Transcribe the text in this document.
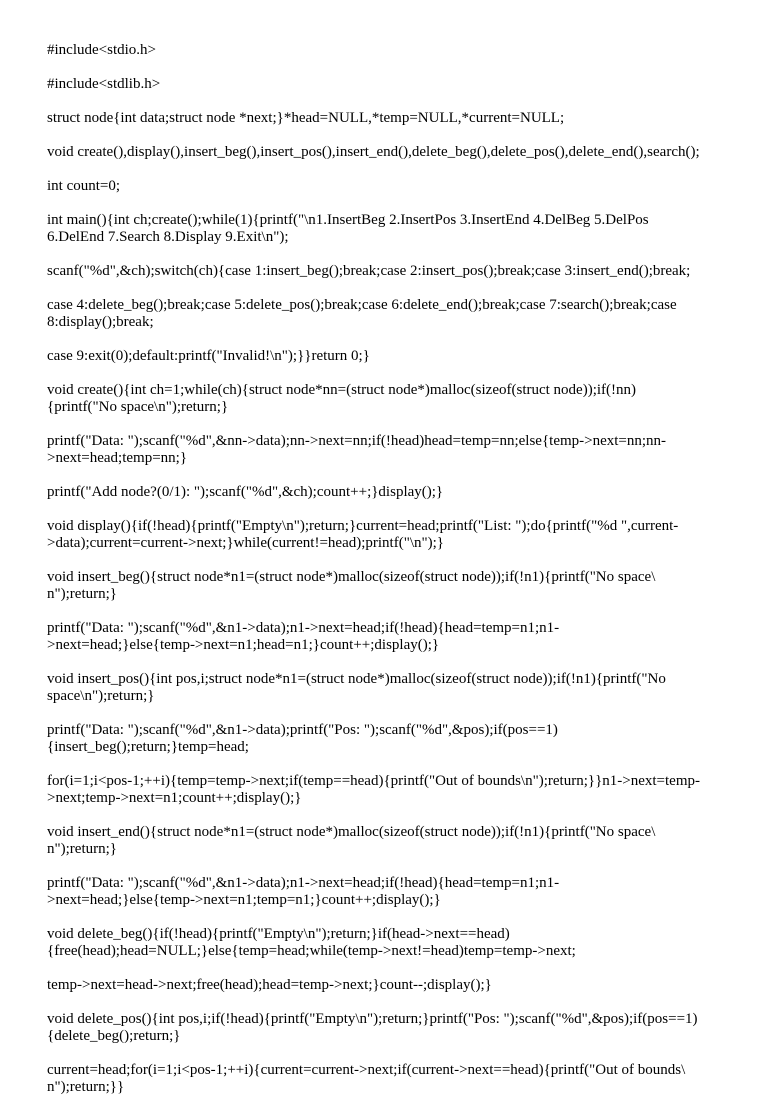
#include<stdio.h>

#include<stdlib.h>

struct node{int data;struct node *next;}*head=NULL,*temp=NULL,*current=NULL;

void create(),display(),insert_beg(),insert_pos(),insert_end(),delete_beg(),delete_pos(),delete_end(),search();

int count=0;

int main(){int ch;create();while(1){printf("\n1.InsertBeg 2.InsertPos 3.InsertEnd 4.DelBeg 5.DelPos
6.DelEnd 7.Search 8.Display 9.Exit\n");

scanf("%d",&ch);switch(ch){case 1:insert_beg();break;case 2:insert_pos();break;case 3:insert_end();break;

case 4:delete_beg();break;case 5:delete_pos();break;case 6:delete_end();break;case 7:search();break;case
8:display();break;

case 9:exit(0);default:printf("Invalid!\n");}}return 0;}

void create(){int ch=1;while(ch){struct node*nn=(struct node*)malloc(sizeof(struct node));if(!nn)
{printf("No space\n");return;}

printf("Data: ");scanf("%d",&nn->data);nn->next=nn;if(!head)head=temp=nn;else{temp->next=nn;nn-
>next=head;temp=nn;}

printf("Add node?(0/1): ");scanf("%d",&ch);count++;}display();}

void display(){if(!head){printf("Empty\n");return;}current=head;printf("List: ");do{printf("%d ",current-
>data);current=current->next;}while(current!=head);printf("\n");}

void insert_beg(){struct node*n1=(struct node*)malloc(sizeof(struct node));if(!n1){printf("No space\
n");return;}

printf("Data: ");scanf("%d",&n1->data);n1->next=head;if(!head){head=temp=n1;n1-
>next=head;}else{temp->next=n1;head=n1;}count++;display();}

void insert_pos(){int pos,i;struct node*n1=(struct node*)malloc(sizeof(struct node));if(!n1){printf("No
space\n");return;}

printf("Data: ");scanf("%d",&n1->data);printf("Pos: ");scanf("%d",&pos);if(pos==1)
{insert_beg();return;}temp=head;

for(i=1;i<pos-1;++i){temp=temp->next;if(temp==head){printf("Out of bounds\n");return;}}n1->next=temp-
>next;temp->next=n1;count++;display();}

void insert_end(){struct node*n1=(struct node*)malloc(sizeof(struct node));if(!n1){printf("No space\
n");return;}

printf("Data: ");scanf("%d",&n1->data);n1->next=head;if(!head){head=temp=n1;n1-
>next=head;}else{temp->next=n1;temp=n1;}count++;display();}

void delete_beg(){if(!head){printf("Empty\n");return;}if(head->next==head)
{free(head);head=NULL;}else{temp=head;while(temp->next!=head)temp=temp->next;

temp->next=head->next;free(head);head=temp->next;}count--;display();}

void delete_pos(){int pos,i;if(!head){printf("Empty\n");return;}printf("Pos: ");scanf("%d",&pos);if(pos==1)
{delete_beg();return;}

current=head;for(i=1;i<pos-1;++i){current=current->next;if(current->next==head){printf("Out of bounds\
n");return;}}
